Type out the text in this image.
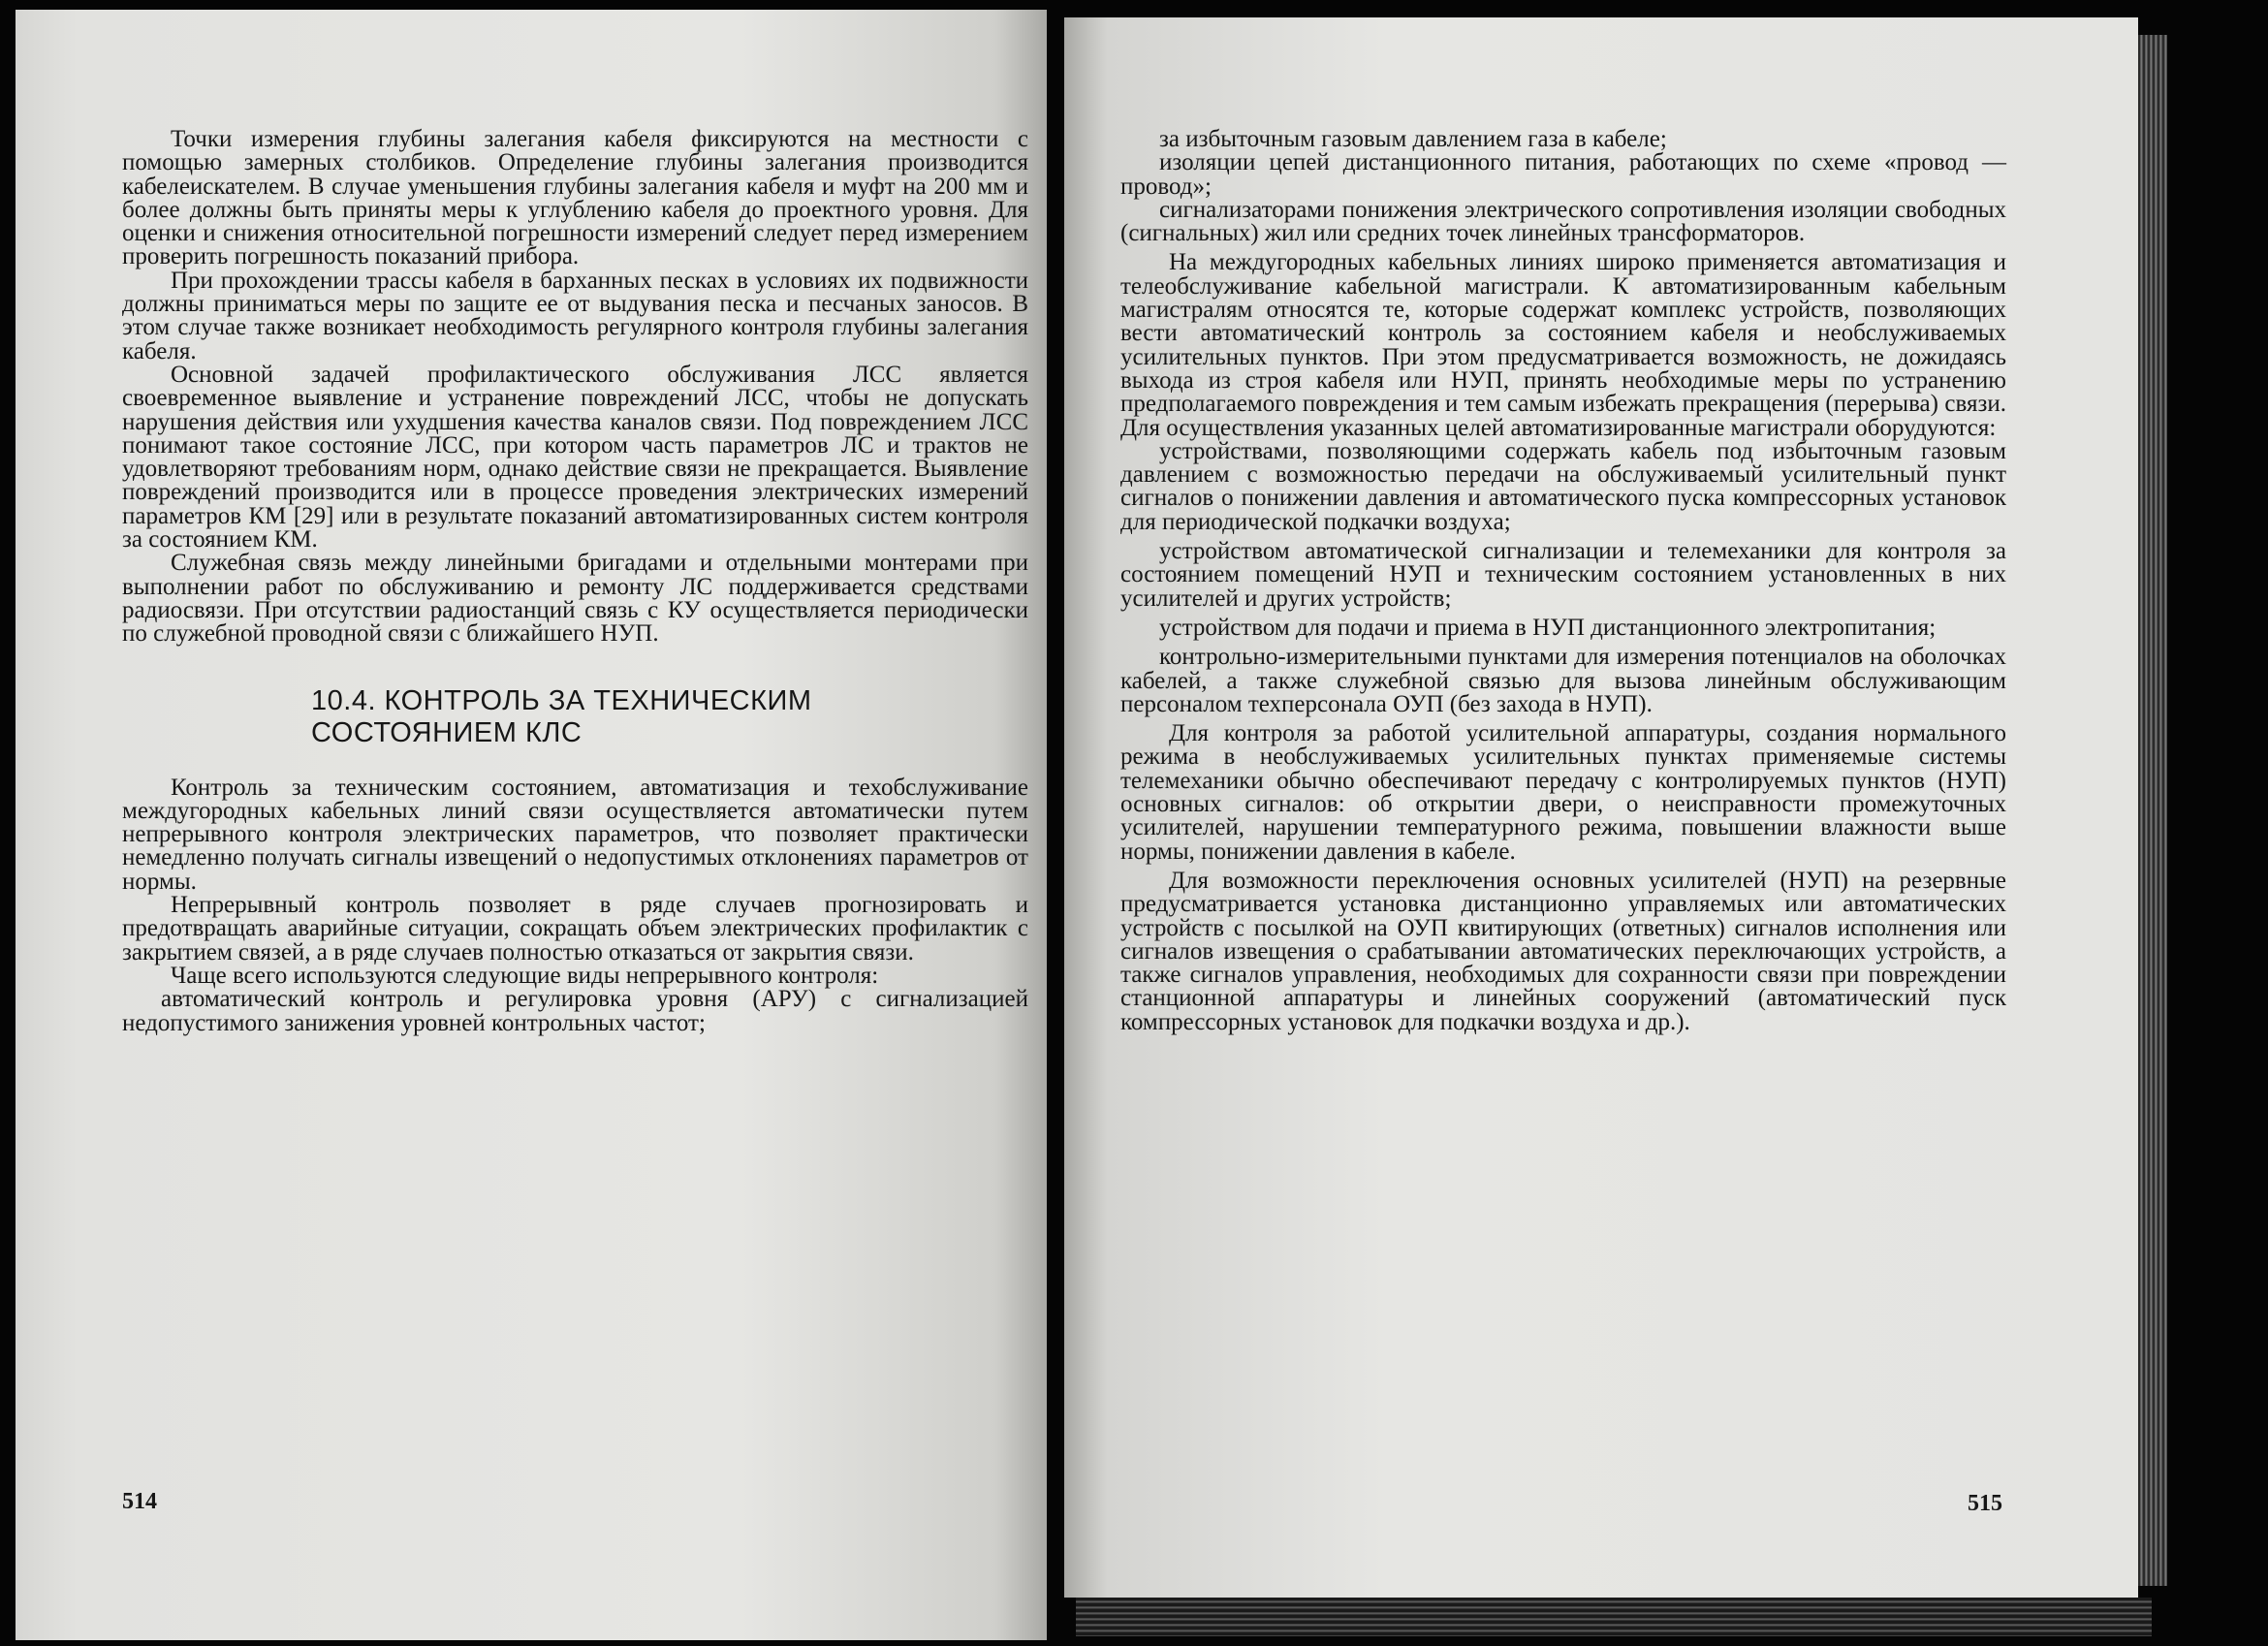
Точки измерения глубины залегания кабеля фиксируются на местности с помощью замерных столбиков. Определение глубины залегания производится кабелеискателем. В случае уменьшения глубины залегания кабеля и муфт на 200 мм и более должны быть приняты меры к углублению кабеля до проектного уровня. Для оценки и снижения относительной погрешности измерений следует перед измерением проверить погрешность показаний прибора.

При прохождении трассы кабеля в барханных песках в условиях их подвижности должны приниматься меры по защите ее от выдувания песка и песчаных заносов. В этом случае также возникает необходимость регулярного контроля глубины залегания кабеля.

Основной задачей профилактического обслуживания ЛСС является своевременное выявление и устранение повреждений ЛСС, чтобы не допускать нарушения действия или ухудшения качества каналов связи. Под повреждением ЛСС понимают такое состояние ЛСС, при котором часть параметров ЛС и трактов не удовлетворяют требованиям норм, однако действие связи не прекращается. Выявление повреждений производится или в процессе проведения электрических измерений параметров КМ [29] или в результате показаний автоматизированных систем контроля за состоянием КМ.

Служебная связь между линейными бригадами и отдельными монтерами при выполнении работ по обслуживанию и ремонту ЛС поддерживается средствами радиосвязи. При отсутствии радиостанций связь с КУ осуществляется периодически по служебной проводной связи с ближайшего НУП.

10.4. КОНТРОЛЬ ЗА ТЕХНИЧЕСКИМ
СОСТОЯНИЕМ КЛС

Контроль за техническим состоянием, автоматизация и техобслуживание междугородных кабельных линий связи осуществляется автоматически путем непрерывного контроля электрических параметров, что позволяет практически немедленно получать сигналы извещений о недопустимых отклонениях параметров от нормы.

Непрерывный контроль позволяет в ряде случаев прогнозировать и предотвращать аварийные ситуации, сокращать объем электрических профилактик с закрытием связей, а в ряде случаев полностью отказаться от закрытия связи.

Чаще всего используются следующие виды непрерывного контроля:

автоматический контроль и регулировка уровня (АРУ) с сигнализацией недопустимого занижения уровней контрольных частот;

514

за избыточным газовым давлением газа в кабеле;

изоляции цепей дистанционного питания, работающих по схеме «провод — провод»;

сигнализаторами понижения электрического сопротивления изоляции свободных (сигнальных) жил или средних точек линейных трансформаторов.

На междугородных кабельных линиях широко применяется автоматизация и телеобслуживание кабельной магистрали. К автоматизированным кабельным магистралям относятся те, которые содержат комплекс устройств, позволяющих вести автоматический контроль за состоянием кабеля и необслуживаемых усилительных пунктов. При этом предусматривается возможность, не дожидаясь выхода из строя кабеля или НУП, принять необходимые меры по устранению предполагаемого повреждения и тем самым избежать прекращения (перерыва) связи. Для осуществления указанных целей автоматизированные магистрали оборудуются:

устройствами, позволяющими содержать кабель под избыточным газовым давлением с возможностью передачи на обслуживаемый усилительный пункт сигналов о понижении давления и автоматического пуска компрессорных установок для периодической подкачки воздуха;

устройством автоматической сигнализации и телемеханики для контроля за состоянием помещений НУП и техническим состоянием установленных в них усилителей и других устройств;

устройством для подачи и приема в НУП дистанционного электропитания;

контрольно-измерительными пунктами для измерения потенциалов на оболочках кабелей, а также служебной связью для вызова линейным обслуживающим персоналом техперсонала ОУП (без захода в НУП).

Для контроля за работой усилительной аппаратуры, создания нормального режима в необслуживаемых усилительных пунктах применяемые системы телемеханики обычно обеспечивают передачу с контролируемых пунктов (НУП) основных сигналов: об открытии двери, о неисправности промежуточных усилителей, нарушении температурного режима, повышении влажности выше нормы, понижении давления в кабеле.

Для возможности переключения основных усилителей (НУП) на резервные предусматривается установка дистанционно управляемых или автоматических устройств с посылкой на ОУП квитирующих (ответных) сигналов исполнения или сигналов извещения о срабатывании автоматических переключающих устройств, а также сигналов управления, необходимых для сохранности связи при повреждении станционной аппаратуры и линейных сооружений (автоматический пуск компрессорных установок для подкачки воздуха и др.).

515
